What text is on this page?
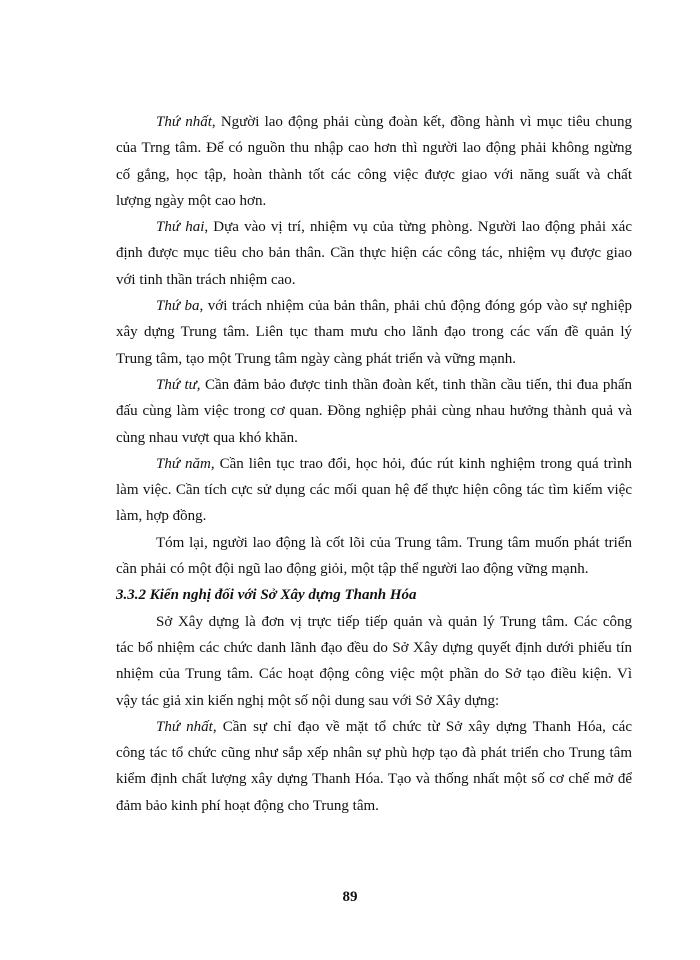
Thứ nhất, Người lao động phải cùng đoàn kết, đồng hành vì mục tiêu chung
của Trng tâm. Để có nguồn thu nhập cao hơn thì người lao động phải không ngừng
cố gắng, học tập, hoàn thành tốt các công việc được giao với năng suất và chất
lượng ngày một cao hơn.
Thứ hai, Dựa vào vị trí, nhiệm vụ của từng phòng. Người lao động phải xác
định được mục tiêu cho bản thân. Cần thực hiện các công tác, nhiệm vụ được giao
với tinh thần trách nhiệm cao.
Thứ ba, với trách nhiệm của bản thân, phải chủ động đóng góp vào sự nghiệp
xây dựng Trung tâm. Liên tục tham mưu cho lãnh đạo trong các vấn đề quản lý
Trung tâm, tạo một Trung tâm ngày càng phát triển và vững mạnh.
Thứ tư, Cần đảm bảo được tinh thần đoàn kết, tinh thần cầu tiến, thi đua phấn
đấu cùng làm việc trong cơ quan. Đồng nghiệp phải cùng nhau hưởng thành quả và
cùng nhau vượt qua khó khăn.
Thứ năm, Cần liên tục trao đổi, học hỏi, đúc rút kinh nghiệm trong quá trình
làm việc. Cần tích cực sử dụng các mối quan hệ để thực hiện công tác tìm kiếm việc
làm, hợp đồng.
Tóm lại, người lao động là cốt lõi của Trung tâm. Trung tâm muốn phát triển
cần phải có một đội ngũ lao động giỏi, một tập thể người lao động vững mạnh.
3.3.2 Kiến nghị đối với Sở Xây dựng Thanh Hóa
Sở Xây dựng là đơn vị trực tiếp tiếp quản và quản lý Trung tâm. Các công
tác bổ nhiệm các chức danh lãnh đạo đều do Sở Xây dựng quyết định dưới phiếu tín
nhiệm của Trung tâm. Các hoạt động công việc một phần do Sở tạo điều kiện. Vì
vậy tác giả xin kiến nghị một số nội dung sau với Sở Xây dựng:
Thứ nhất, Cần sự chỉ đạo về mặt tổ chức từ Sở xây dựng Thanh Hóa, các
công tác tổ chức cũng như sắp xếp nhân sự phù hợp tạo đà phát triển cho Trung tâm
kiểm định chất lượng xây dựng Thanh Hóa. Tạo và thống nhất một số cơ chế mở để
đảm bảo kinh phí hoạt động cho Trung tâm.
89
